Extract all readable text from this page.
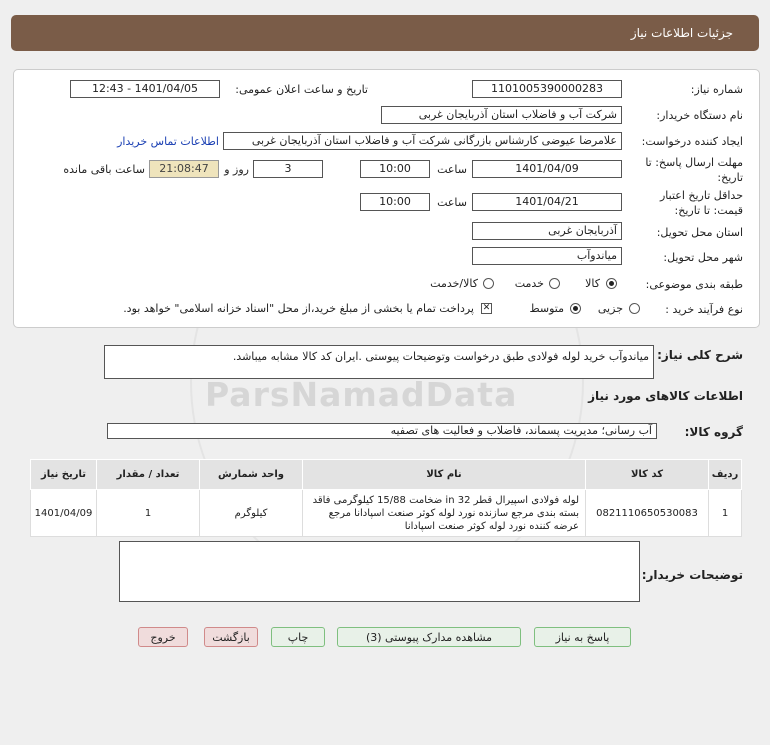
جزئیات اطلاعات نیاز
شماره نیاز:
1101005390000283
تاریخ و ساعت اعلان عمومی:
1401/04/05 - 12:43
نام دستگاه خریدار:
شرکت آب و فاضلاب استان آذربایجان غربی
ایجاد کننده درخواست:
علامرضا عیوضی کارشناس بازرگانی شرکت آب و فاضلاب استان آذربایجان غربی
اطلاعات تماس خریدار
مهلت ارسال پاسخ: تا
تاریخ:
1401/04/09
ساعت
10:00
3
روز و
21:08:47
ساعت باقی مانده
حداقل تاریخ اعتبار
قیمت: تا تاریخ:
1401/04/21
ساعت
10:00
استان محل تحویل:
آذربایجان غربی
شهر محل تحویل:
میاندوآب
طبقه بندی موضوعی:
کالا
خدمت
کالا/خدمت
نوع فرآیند خرید :
جزیی
متوسط
✕
پرداخت تمام یا بخشی از مبلغ خرید،از محل "اسناد خزانه اسلامی" خواهد بود.
شرح کلی نیاز:
میاندوآب خرید لوله فولادی طبق درخواست وتوضیحات پیوستی .ایران کد کالا مشابه میباشد.
ParsNamadData	اطلاعات کالاهای مورد نیاز
گروه کالا:
آب رسانی؛ مدیریت پسماند، فاضلاب و فعالیت های تصفیه
ردیف	کد کالا	نام کالا	واحد شمارش	تعداد / مقدار	تاریخ نیاز
1	0821110650530083	لوله فولادی اسپیرال قطر 32 in ضخامت 15/88 کیلوگرمی فاقد بسته بندی مرجع سازنده نورد لوله کوثر صنعت اسپادانا مرجع عرضه کننده نورد لوله کوثر صنعت اسپادانا	کیلوگرم	1	1401/04/09
توضیحات خریدار:
پاسخ به نیاز
مشاهده مدارک پیوستی (3)
چاپ
بازگشت
خروج
